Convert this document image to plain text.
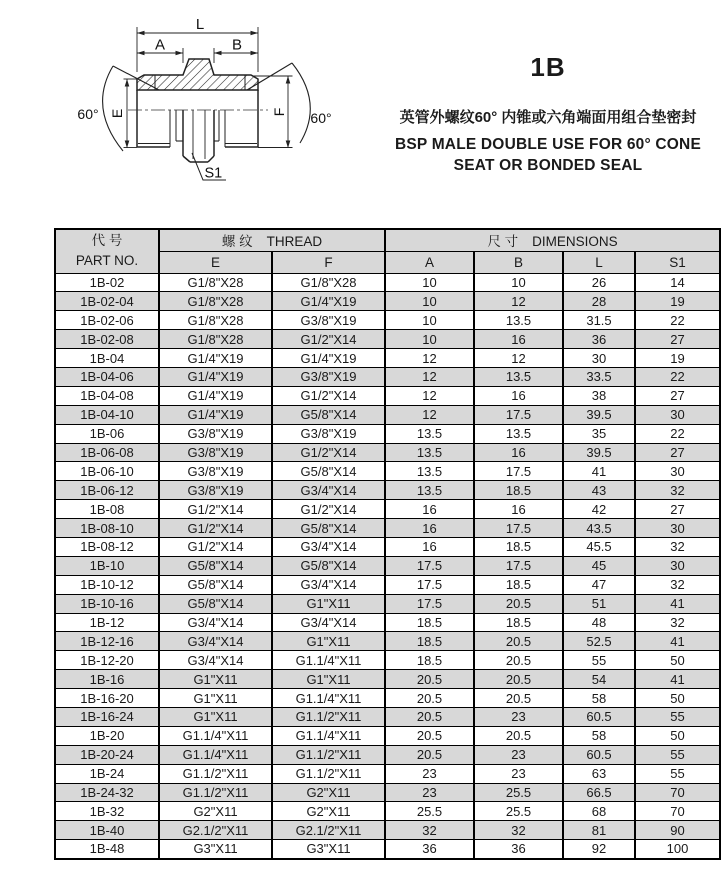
L
A	B
E	F
60°	60°
S1
1B
英管外螺纹60° 内锥或六角端面用组合垫密封
BSP MALE DOUBLE USE FOR 60° CONE
SEAT OR BONDED SEAL
代 号
PART NO.	螺 纹 THREAD		尺 寸 DIMENSIONS			
	E	F	A	B	L	S1
1B-02	G1/8"X28	G1/8"X28	10	10	26	14
1B-02-04	G1/8"X28	G1/4"X19	10	12	28	19
1B-02-06	G1/8"X28	G3/8"X19	10	13.5	31.5	22
1B-02-08	G1/8"X28	G1/2"X14	10	16	36	27
1B-04	G1/4"X19	G1/4"X19	12	12	30	19
1B-04-06	G1/4"X19	G3/8"X19	12	13.5	33.5	22
1B-04-08	G1/4"X19	G1/2"X14	12	16	38	27
1B-04-10	G1/4"X19	G5/8"X14	12	17.5	39.5	30
1B-06	G3/8"X19	G3/8"X19	13.5	13.5	35	22
1B-06-08	G3/8"X19	G1/2"X14	13.5	16	39.5	27
1B-06-10	G3/8"X19	G5/8"X14	13.5	17.5	41	30
1B-06-12	G3/8"X19	G3/4"X14	13.5	18.5	43	32
1B-08	G1/2"X14	G1/2"X14	16	16	42	27
1B-08-10	G1/2"X14	G5/8"X14	16	17.5	43.5	30
1B-08-12	G1/2"X14	G3/4"X14	16	18.5	45.5	32
1B-10	G5/8"X14	G5/8"X14	17.5	17.5	45	30
1B-10-12	G5/8"X14	G3/4"X14	17.5	18.5	47	32
1B-10-16	G5/8"X14	G1"X11	17.5	20.5	51	41
1B-12	G3/4"X14	G3/4"X14	18.5	18.5	48	32
1B-12-16	G3/4"X14	G1"X11	18.5	20.5	52.5	41
1B-12-20	G3/4"X14	G1.1/4"X11	18.5	20.5	55	50
1B-16	G1"X11	G1"X11	20.5	20.5	54	41
1B-16-20	G1"X11	G1.1/4"X11	20.5	20.5	58	50
1B-16-24	G1"X11	G1.1/2"X11	20.5	23	60.5	55
1B-20	G1.1/4"X11	G1.1/4"X11	20.5	20.5	58	50
1B-20-24	G1.1/4"X11	G1.1/2"X11	20.5	23	60.5	55
1B-24	G1.1/2"X11	G1.1/2"X11	23	23	63	55
1B-24-32	G1.1/2"X11	G2"X11	23	25.5	66.5	70
1B-32	G2"X11	G2"X11	25.5	25.5	68	70
1B-40	G2.1/2"X11	G2.1/2"X11	32	32	81	90
1B-48	G3"X11	G3"X11	36	36	92	100
